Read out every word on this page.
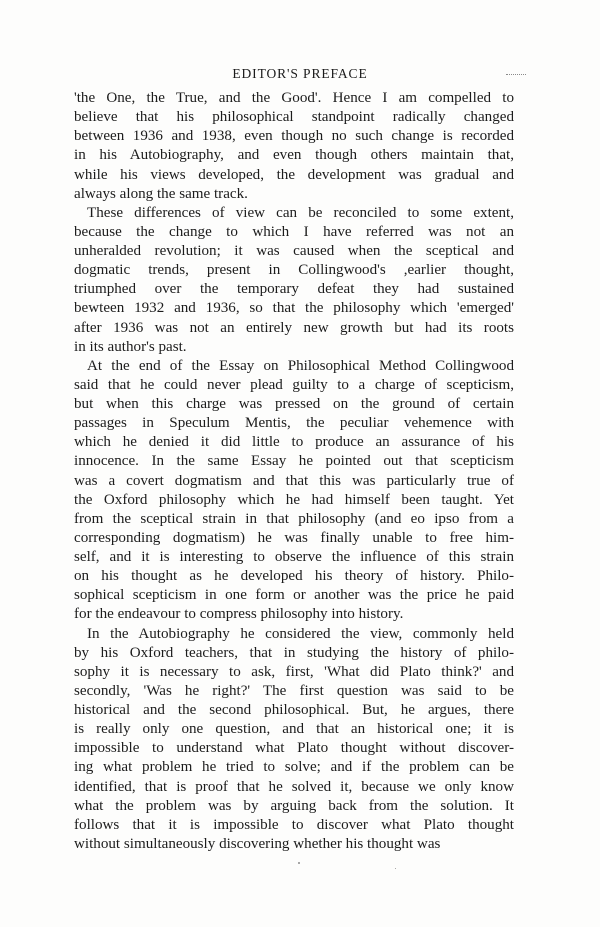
EDITOR'S PREFACE
'the One, the True, and the Good'. Hence I am compelled to
believe that his philosophical standpoint radically changed
between 1936 and 1938, even though no such change is recorded
in his Autobiography, and even though others maintain that,
while his views developed, the development was gradual and
always along the same track.
These differences of view can be reconciled to some extent,
because the change to which I have referred was not an
unheralded revolution; it was caused when the sceptical and
dogmatic trends, present in Collingwood's ,earlier thought,
triumphed over the temporary defeat they had sustained
bewteen 1932 and 1936, so that the philosophy which 'emerged'
after 1936 was not an entirely new growth but had its roots
in its author's past.
At the end of the Essay on Philosophical Method Collingwood
said that he could never plead guilty to a charge of scepticism,
but when this charge was pressed on the ground of certain
passages in Speculum Mentis, the peculiar vehemence with
which he denied it did little to produce an assurance of his
innocence. In the same Essay he pointed out that scepticism
was a covert dogmatism and that this was particularly true of
the Oxford philosophy which he had himself been taught. Yet
from the sceptical strain in that philosophy (and eo ipso from a
corresponding dogmatism) he was finally unable to free him-
self, and it is interesting to observe the influence of this strain
on his thought as he developed his theory of history. Philo-
sophical scepticism in one form or another was the price he paid
for the endeavour to compress philosophy into history.
In the Autobiography he considered the view, commonly held
by his Oxford teachers, that in studying the history of philo-
sophy it is necessary to ask, first, 'What did Plato think?' and
secondly, 'Was he right?' The first question was said to be
historical and the second philosophical. But, he argues, there
is really only one question, and that an historical one; it is
impossible to understand what Plato thought without discover-
ing what problem he tried to solve; and if the problem can be
identified, that is proof that he solved it, because we only know
what the problem was by arguing back from the solution. It
follows that it is impossible to discover what Plato thought
without simultaneously discovering whether his thought was
